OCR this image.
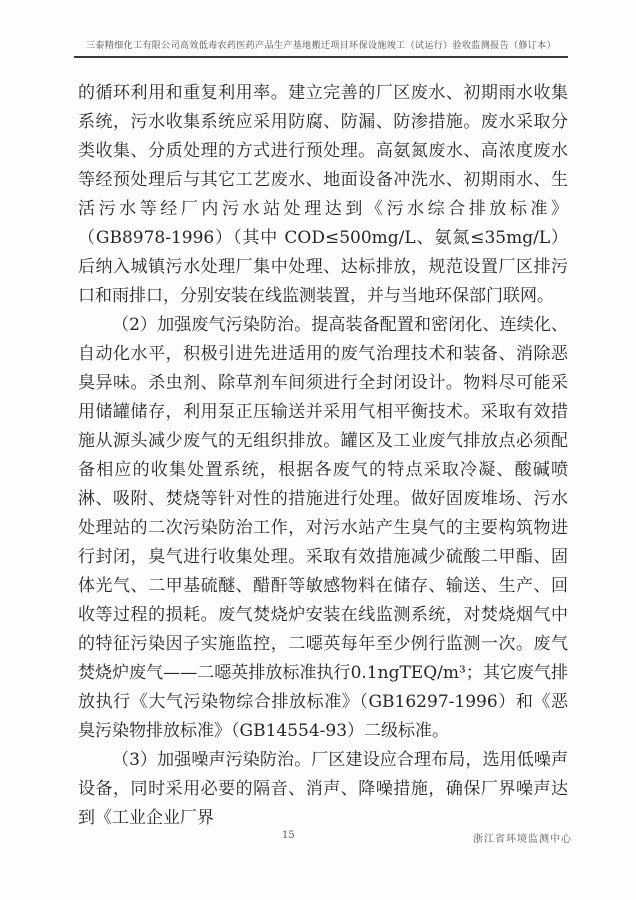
三泰精细化工有限公司高效低毒农药医药产品生产基地搬迁项目环保设施竣工（试运行）验收监测报告（修订本）

的循环利用和重复利用率。建立完善的厂区废水、初期雨水收集系统，污水收集系统应采用防腐、防漏、防渗措施。废水采取分类收集、分质处理的方式进行预处理。高氨氮废水、高浓度废水等经预处理后与其它工艺废水、地面设备冲洗水、初期雨水、生活污水等经厂内污水站处理达到《污水综合排放标准》（GB8978-1996）（其中 COD≤500mg/L、氨氮≤35mg/L）后纳入城镇污水处理厂集中处理、达标排放，规范设置厂区排污口和雨排口，分别安装在线监测装置，并与当地环保部门联网。

（2）加强废气污染防治。提高装备配置和密闭化、连续化、自动化水平，积极引进先进适用的废气治理技术和装备、消除恶臭异味。杀虫剂、除草剂车间须进行全封闭设计。物料尽可能采用储罐储存，利用泵正压输送并采用气相平衡技术。采取有效措施从源头减少废气的无组织排放。罐区及工业废气排放点必须配备相应的收集处置系统，根据各废气的特点采取冷凝、酸碱喷淋、吸附、焚烧等针对性的措施进行处理。做好固废堆场、污水处理站的二次污染防治工作，对污水站产生臭气的主要构筑物进行封闭，臭气进行收集处理。采取有效措施减少硫酸二甲酯、固体光气、二甲基硫醚、醋酐等敏感物料在储存、输送、生产、回收等过程的损耗。废气焚烧炉安装在线监测系统，对焚烧烟气中的特征污染因子实施监控，二噁英每年至少例行监测一次。废气焚烧炉废气——二噁英排放标准执行0.1ngTEQ/m³；其它废气排放执行《大气污染物综合排放标准》（GB16297-1996）和《恶臭污染物排放标准》（GB14554-93）二级标准。

（3）加强噪声污染防治。厂区建设应合理布局，选用低噪声设备，同时采用必要的隔音、消声、降噪措施，确保厂界噪声达到《工业企业厂界

15	浙江省环境监测中心
